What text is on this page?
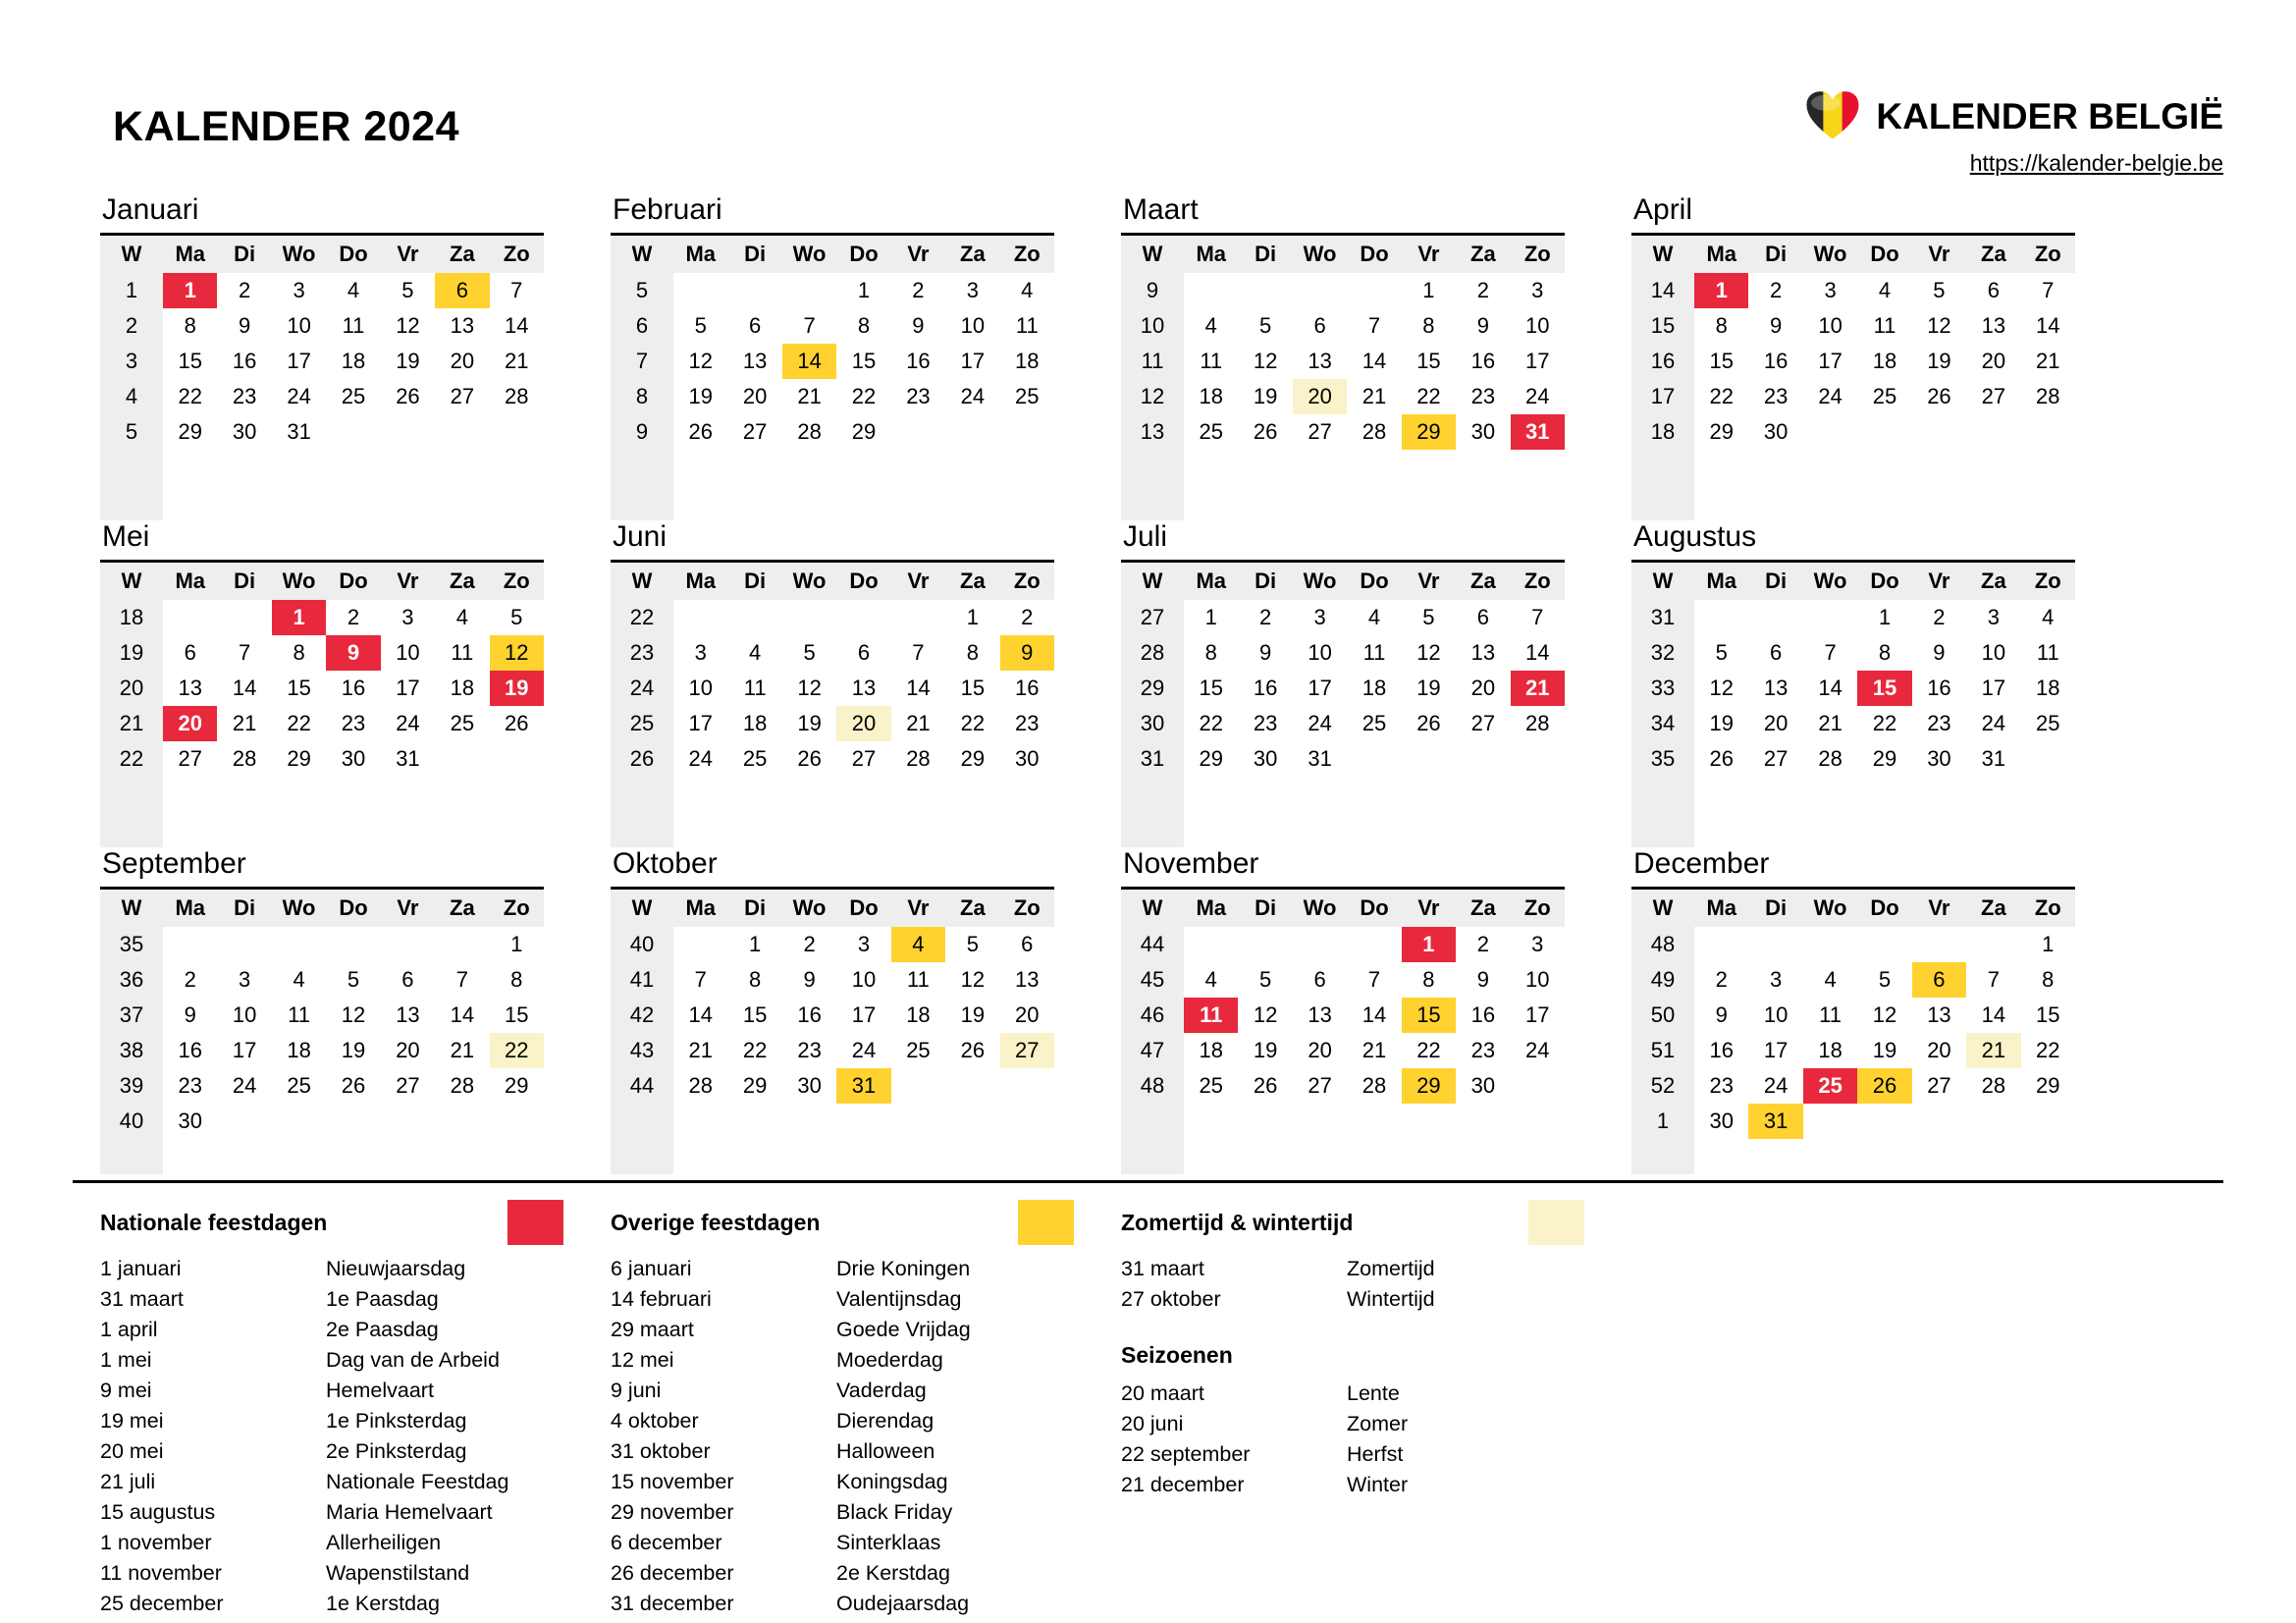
KALENDER 2024	KALENDER BELGIË
https://kalender-belgie.be
Januari
W	Ma	Di	Wo	Do	Vr	Za	Zo
1	1	2	3	4	5	6	7
2	8	9	10	11	12	13	14
3	15	16	17	18	19	20	21
4	22	23	24	25	26	27	28
5	29	30	31				

Februari
W	Ma	Di	Wo	Do	Vr	Za	Zo
5				1	2	3	4
6	5	6	7	8	9	10	11
7	12	13	14	15	16	17	18
8	19	20	21	22	23	24	25
9	26	27	28	29			

Maart
W	Ma	Di	Wo	Do	Vr	Za	Zo
9					1	2	3
10	4	5	6	7	8	9	10
11	11	12	13	14	15	16	17
12	18	19	20	21	22	23	24
13	25	26	27	28	29	30	31

April
W	Ma	Di	Wo	Do	Vr	Za	Zo
14	1	2	3	4	5	6	7
15	8	9	10	11	12	13	14
16	15	16	17	18	19	20	21
17	22	23	24	25	26	27	28
18	29	30					

Mei
W	Ma	Di	Wo	Do	Vr	Za	Zo
18			1	2	3	4	5
19	6	7	8	9	10	11	12
20	13	14	15	16	17	18	19
21	20	21	22	23	24	25	26
22	27	28	29	30	31		

Juni
W	Ma	Di	Wo	Do	Vr	Za	Zo
22						1	2
23	3	4	5	6	7	8	9
24	10	11	12	13	14	15	16
25	17	18	19	20	21	22	23
26	24	25	26	27	28	29	30

Juli
W	Ma	Di	Wo	Do	Vr	Za	Zo
27	1	2	3	4	5	6	7
28	8	9	10	11	12	13	14
29	15	16	17	18	19	20	21
30	22	23	24	25	26	27	28
31	29	30	31				

Augustus
W	Ma	Di	Wo	Do	Vr	Za	Zo
31				1	2	3	4
32	5	6	7	8	9	10	11
33	12	13	14	15	16	17	18
34	19	20	21	22	23	24	25
35	26	27	28	29	30	31	

September
W	Ma	Di	Wo	Do	Vr	Za	Zo
35							1
36	2	3	4	5	6	7	8
37	9	10	11	12	13	14	15
38	16	17	18	19	20	21	22
39	23	24	25	26	27	28	29
40	30						

Oktober
W	Ma	Di	Wo	Do	Vr	Za	Zo
40		1	2	3	4	5	6
41	7	8	9	10	11	12	13
42	14	15	16	17	18	19	20
43	21	22	23	24	25	26	27
44	28	29	30	31			

November
W	Ma	Di	Wo	Do	Vr	Za	Zo
44					1	2	3
45	4	5	6	7	8	9	10
46	11	12	13	14	15	16	17
47	18	19	20	21	22	23	24
48	25	26	27	28	29	30	

December
W	Ma	Di	Wo	Do	Vr	Za	Zo
48							1
49	2	3	4	5	6	7	8
50	9	10	11	12	13	14	15
51	16	17	18	19	20	21	22
52	23	24	25	26	27	28	29
1	30	31					

Nationale feestdagen
1 januari	Nieuwjaarsdag
31 maart	1e Paasdag
1 april	2e Paasdag
1 mei	Dag van de Arbeid
9 mei	Hemelvaart
19 mei	1e Pinksterdag
20 mei	2e Pinksterdag
21 juli	Nationale Feestdag
15 augustus	Maria Hemelvaart
1 november	Allerheiligen
11 november	Wapenstilstand
25 december	1e Kerstdag
Overige feestdagen
6 januari	Drie Koningen
14 februari	Valentijnsdag
29 maart	Goede Vrijdag
12 mei	Moederdag
9 juni	Vaderdag
4 oktober	Dierendag
31 oktober	Halloween
15 november	Koningsdag
29 november	Black Friday
6 december	Sinterklaas
26 december	2e Kerstdag
31 december	Oudejaarsdag
Zomertijd & wintertijd
31 maart	Zomertijd
27 oktober	Wintertijd
Seizoenen
20 maart	Lente
20 juni	Zomer
22 september	Herfst
21 december	Winter
